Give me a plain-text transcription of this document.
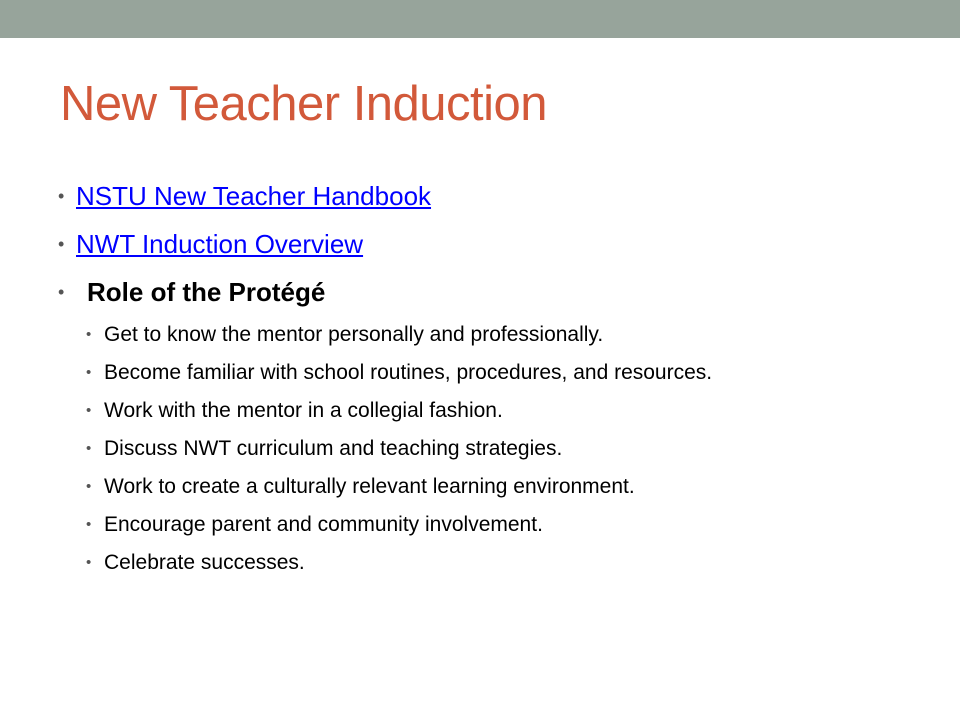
New Teacher Induction
• NSTU New Teacher Handbook
• NWT Induction Overview
• Role of the Protégé
• Get to know the mentor personally and professionally.
• Become familiar with school routines, procedures, and resources.
• Work with the mentor in a collegial fashion.
• Discuss NWT curriculum and teaching strategies.
• Work to create a culturally relevant learning environment.
• Encourage parent and community involvement.
• Celebrate successes.
